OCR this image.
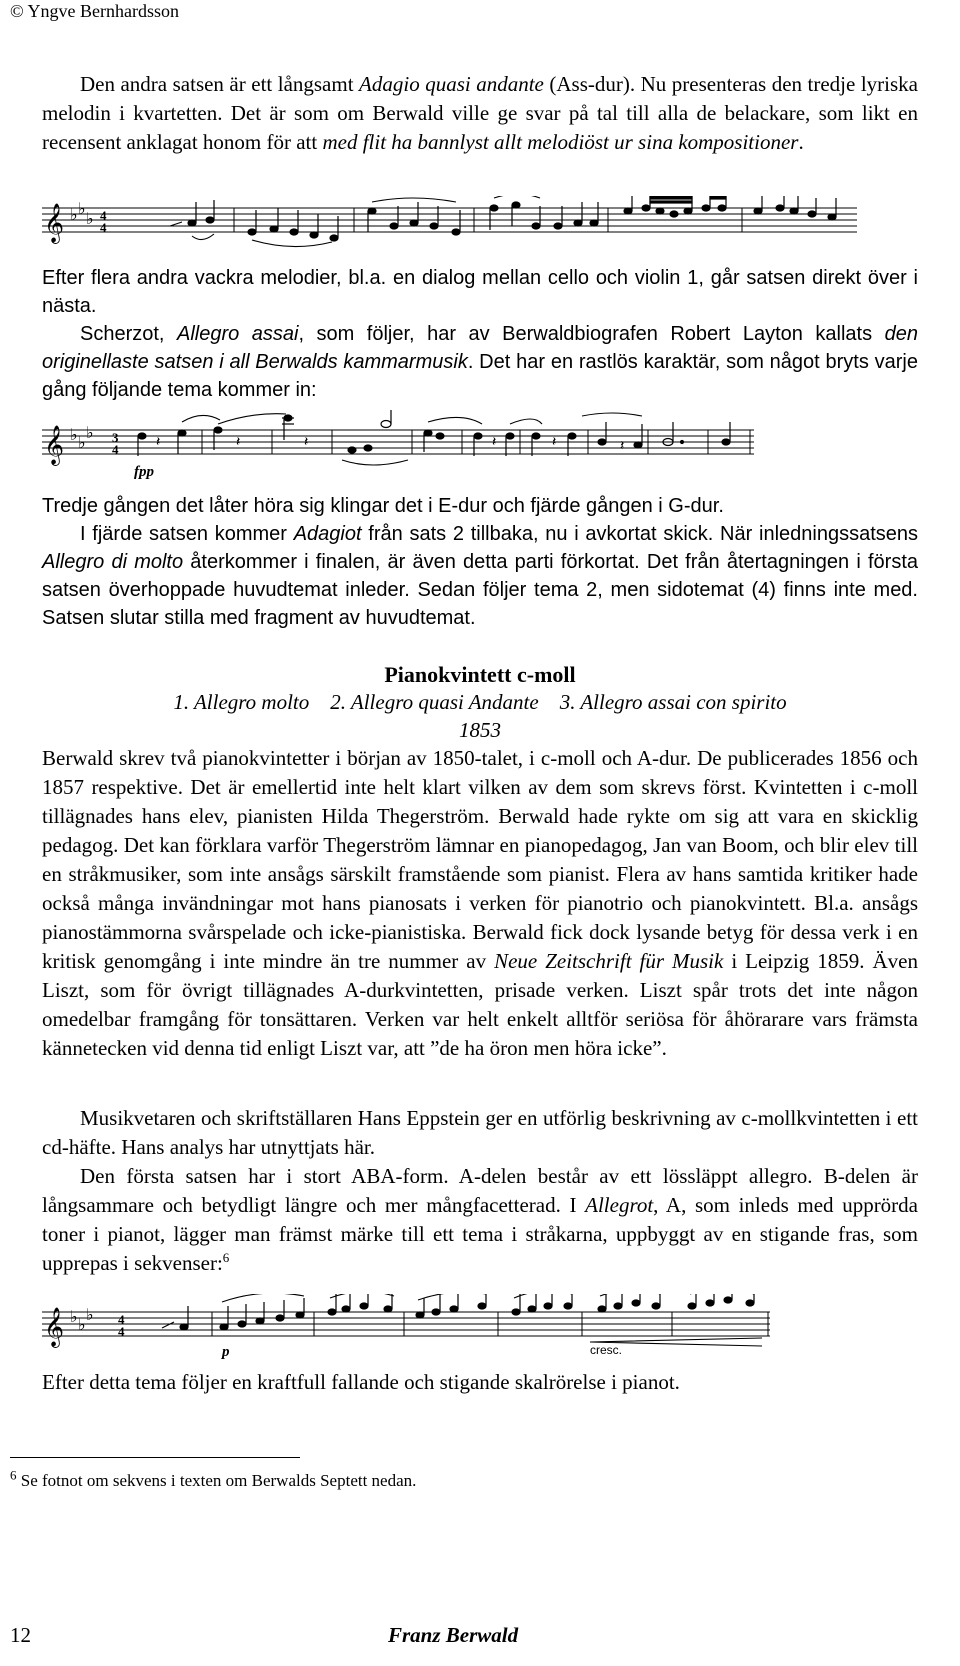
© Yngve Bernhardsson

Den andra satsen är ett långsamt Adagio quasi andante (Ass-dur). Nu presenteras den tredje lyriska melodin i kvartetten. Det är som om Berwald ville ge svar på tal till alla de belackare, som likt en recensent anklagat honom för att med flit ha bannlyst allt melodiöst ur sina kompositioner.

𝄞 ♭ ♭
♭ 4
4

Efter flera andra vackra melodier, bl.a. en dialog mellan cello och violin 1, går satsen direkt över i nästa.

Scherzot, Allegro assai, som följer, har av Berwaldbiografen Robert Layton kallats den originellaste satsen i all Berwalds kammarmusik. Det har en rastlös karaktär, som något bryts varje gång följande tema kommer in:

𝄞 ♭ ♭
♭ 3
4
fpp
𝄽	𝄽	𝄽	𝄽	𝄽	𝄽

Tredje gången det låter höra sig klingar det i E-dur och fjärde gången i G-dur.

I fjärde satsen kommer Adagiot från sats 2 tillbaka, nu i avkortat skick. När inledningssatsens Allegro di molto återkommer i finalen, är även detta parti förkortat. Det från återtagningen i första satsen överhoppade huvudtemat inleder. Sedan följer tema 2, men sidotemat (4) finns inte med. Satsen slutar stilla med fragment av huvudtemat.

Pianokvintett c-moll
1. Allegro molto    2. Allegro quasi Andante    3. Allegro assai con spirito
1853

Berwald skrev två pianokvintetter i början av 1850-talet, i c-moll och A-dur. De publicerades 1856 och 1857 respektive. Det är emellertid inte helt klart vilken av dem som skrevs först. Kvintetten i c-moll tillägnades hans elev, pianisten Hilda Thegerström. Berwald hade rykte om sig att vara en skicklig pedagog. Det kan förklara varför Thegerström lämnar en pianopedagog, Jan van Boom, och blir elev till en stråkmusiker, som inte ansågs särskilt framstående som pianist. Flera av hans samtida kritiker hade också många invändningar mot hans pianosats i verken för pianotrio och pianokvintett. Bl.a. ansågs pianostämmorna svårspelade och icke-pianistiska. Berwald fick dock lysande betyg för dessa verk i en kritisk genomgång i inte mindre än tre nummer av Neue Zeitschrift für Musik i Leipzig 1859. Även Liszt, som för övrigt tillägnades A-durkvintetten, prisade verken. Liszt spår trots det inte någon omedelbar framgång för tonsättaren. Verken var helt enkelt alltför seriösa för åhörarare vars främsta kännetecken vid denna tid enligt Liszt var, att ”de ha öron men höra icke”.

Musikvetaren och skriftställaren Hans Eppstein ger en utförlig beskrivning av c-mollkvintetten i ett cd-häfte. Hans analys har utnyttjats här.

Den första satsen har i stort ABA-form. A-delen består av ett lössläppt allegro. B-delen är långsammare och betydligt längre och mer mångfacetterad. I Allegrot, A, som inleds med upprörda toner i pianot, lägger man främst märke till ett tema i stråkarna, uppbyggt av en stigande fras, som upprepas i sekvenser:$^6$

𝄞 ♭ ♭
♭ 4
4
p	cresc.

Efter detta tema följer en kraftfull fallande och stigande skalrörelse i pianot.

$^6$ Se fotnot om sekvens i texten om Berwalds Septett nedan.
12	Franz Berwald
